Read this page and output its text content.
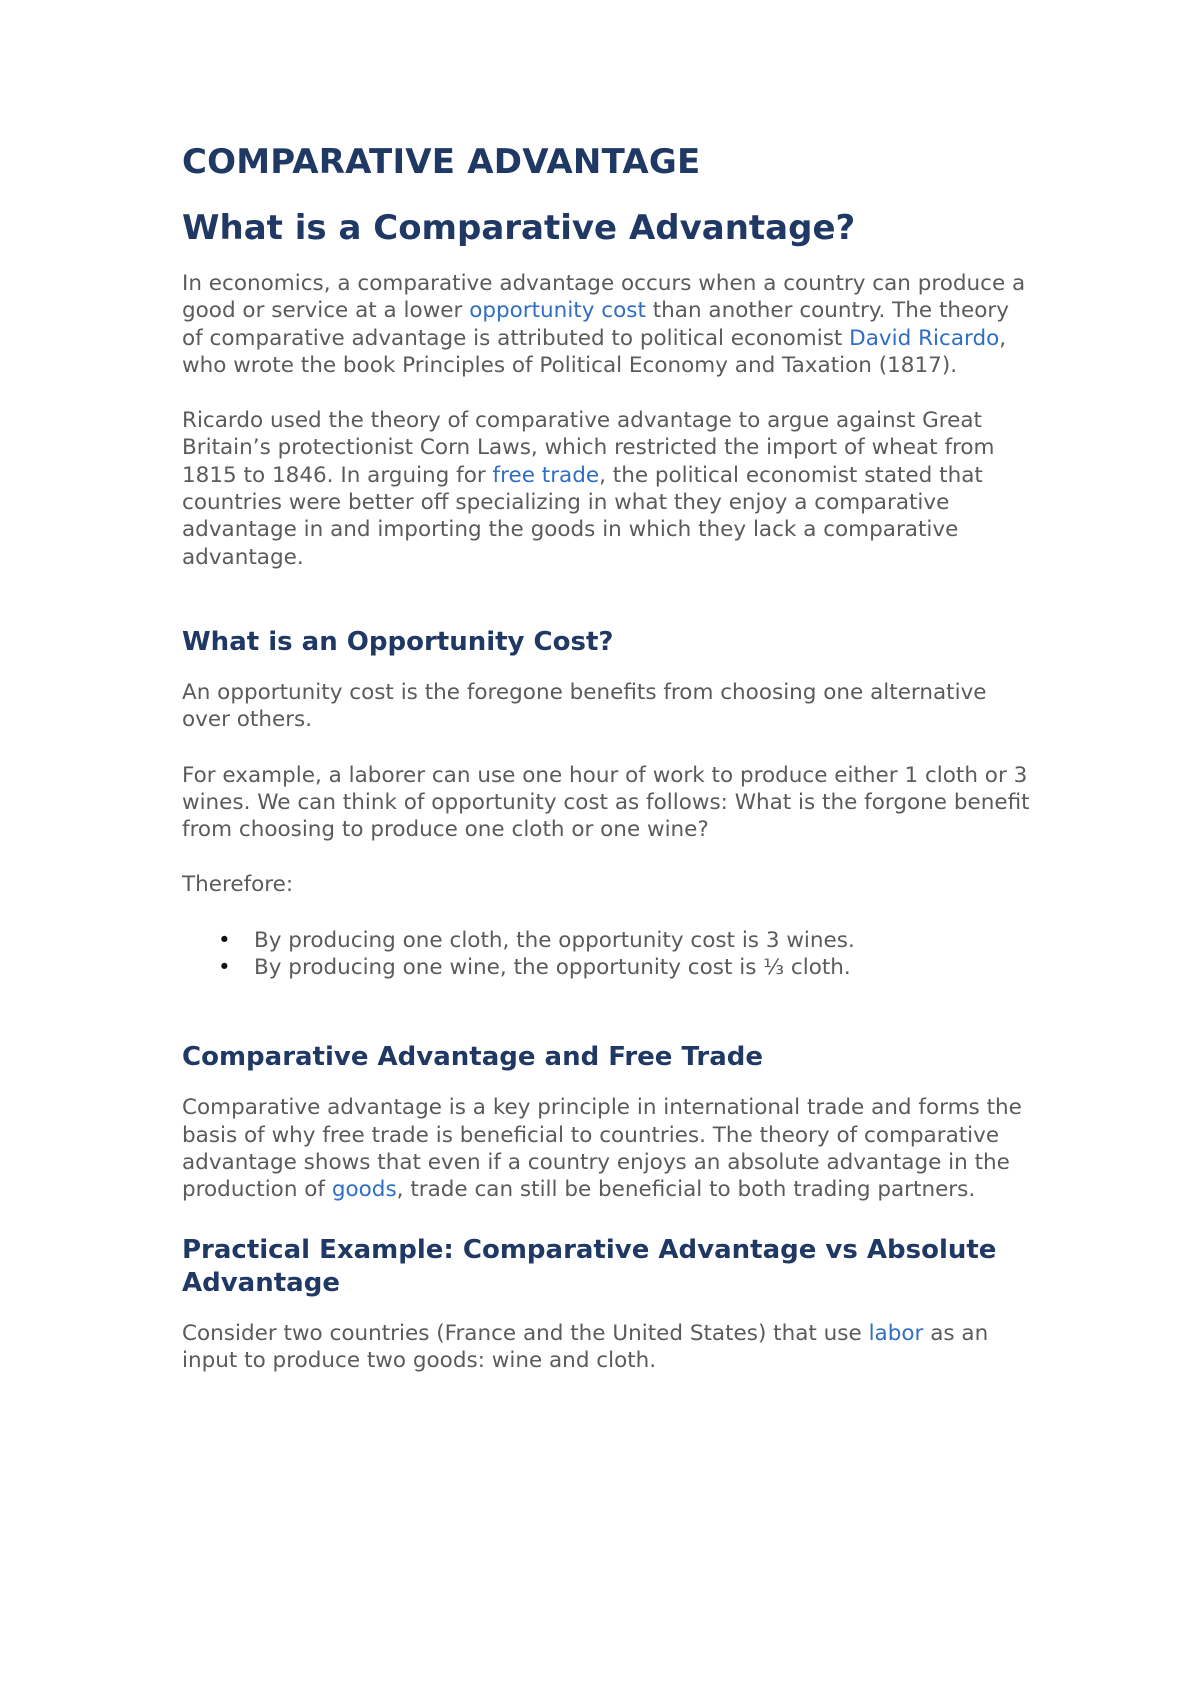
COMPARATIVE ADVANTAGE
What is a Comparative Advantage?

In economics, a comparative advantage occurs when a country can produce a good or service at a lower opportunity cost than another country. The theory of comparative advantage is attributed to political economist David Ricardo, who wrote the book Principles of Political Economy and Taxation (1817).

Ricardo used the theory of comparative advantage to argue against Great Britain’s protectionist Corn Laws, which restricted the import of wheat from 1815 to 1846. In arguing for free trade, the political economist stated that countries were better off specializing in what they enjoy a comparative advantage in and importing the goods in which they lack a comparative advantage.

What is an Opportunity Cost?

An opportunity cost is the foregone benefits from choosing one alternative over others.

For example, a laborer can use one hour of work to produce either 1 cloth or 3 wines. We can think of opportunity cost as follows: What is the forgone benefit from choosing to produce one cloth or one wine?

Therefore:

• By producing one cloth, the opportunity cost is 3 wines.
• By producing one wine, the opportunity cost is ⅓ cloth.
Comparative Advantage and Free Trade

Comparative advantage is a key principle in international trade and forms the basis of why free trade is beneficial to countries. The theory of comparative advantage shows that even if a country enjoys an absolute advantage in the production of goods, trade can still be beneficial to both trading partners.

Practical Example: Comparative Advantage vs Absolute Advantage

Consider two countries (France and the United States) that use labor as an input to produce two goods: wine and cloth.
